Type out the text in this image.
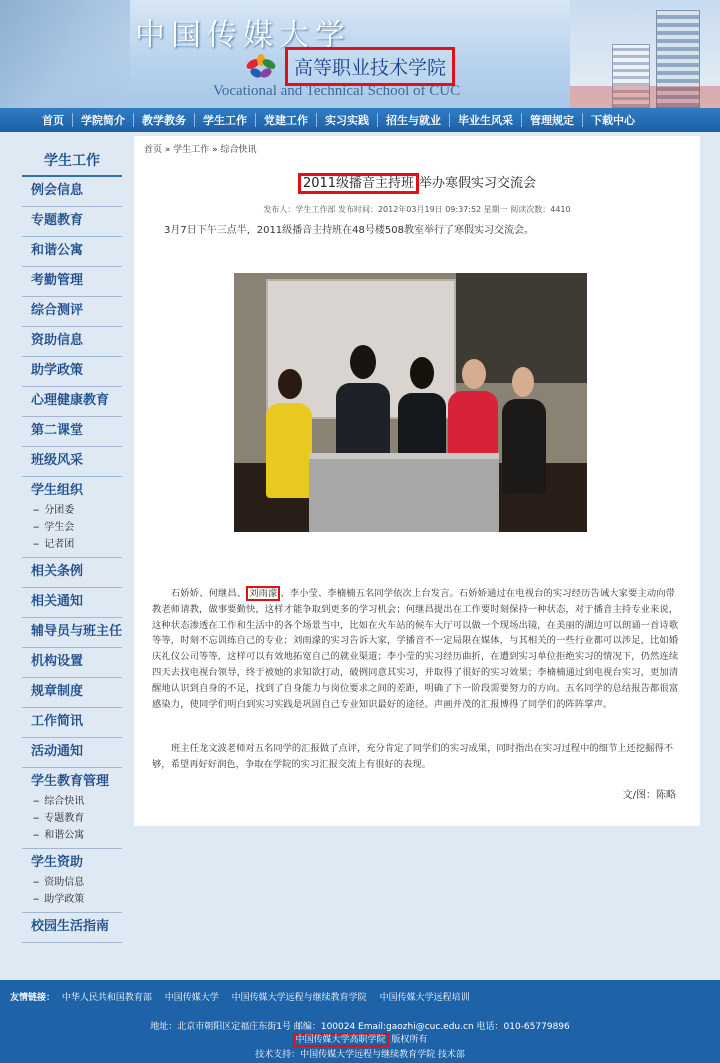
中国传媒大学
高等职业技术学院
Vocational and Technical School of CUC
首页	学院简介	教学教务	学生工作	党建工作	实习实践	招生与就业	毕业生风采	管理规定	下载中心
学生工作
例会信息
专题教育
和谐公寓
考勤管理
综合测评
资助信息
助学政策
心理健康教育
第二课堂
班级风采
学生组织
-- 分团委
-- 学生会
-- 记者团
相关条例
相关通知
辅导员与班主任
机构设置
规章制度
工作简讯
活动通知
学生教育管理
-- 综合快讯
-- 专题教育
-- 和谐公寓
学生资助
-- 资助信息
-- 助学政策
校园生活指南
首页 » 学生工作 » 综合快讯
2011级播音主持班 举办寒假实习交流会
发布人：学生工作部 发布时间：2012年03月19日 09:37:52 星期一 阅读次数：4410
3月7日下午三点半，2011级播音主持班在48号楼508教室举行了寒假实习交流会。
石娇娇、何继昌、 刘雨濛 、李小莹、李楠楠五名同学依次上台发言。石娇娇通过在电视台的实习经历告诫大家要主动向带教老师请教，做事要勤快，这样才能争取到更多的学习机会；何继昌提出在工作要时刻保持一种状态，对于播音主持专业来说，这种状态渗透在工作和生活中的各个场景当中，比如在火车站的候车大厅可以做一个现场出镜，在美丽的湖边可以朗诵一首诗歌等等，时刻不忘训练自己的专业；刘雨濛的实习告诉大家，学播音不一定局限在媒体，与其相关的一些行业都可以涉足，比如婚庆礼仪公司等等，这样可以有效地拓宽自己的就业渠道；李小莹的实习经历曲折，在遭到实习单位拒绝实习的情况下，仍然连续四天去找电视台领导，终于被她的求知欲打动，破例同意其实习，并取得了很好的实习效果；李楠楠通过到电视台实习，更加清醒地认识到自身的不足，找到了自身能力与岗位要求之间的差距，明确了下一阶段需要努力的方向。五名同学的总结报告都很富感染力，使同学们明白到实习实践是巩固自己专业知识最好的途径。声画并茂的汇报博得了同学们的阵阵掌声。
班主任龙文波老师对五名同学的汇报做了点评，充分肯定了同学们的实习成果，同时指出在实习过程中的细节上还挖掘得不够，希望再好好润色，争取在学院的实习汇报交流上有很好的表现。
文/图：陈略
友情链接： 中华人民共和国教育部 中国传媒大学 中国传媒大学远程与继续教育学院 中国传媒大学远程培训
地址：北京市朝阳区定福庄东街1号 邮编：100024 Email:gaozhi@cuc.edu.cn 电话：010-65779896
中国传媒大学高职学院 版权所有
技术支持：中国传媒大学远程与继续教育学院 技术部
